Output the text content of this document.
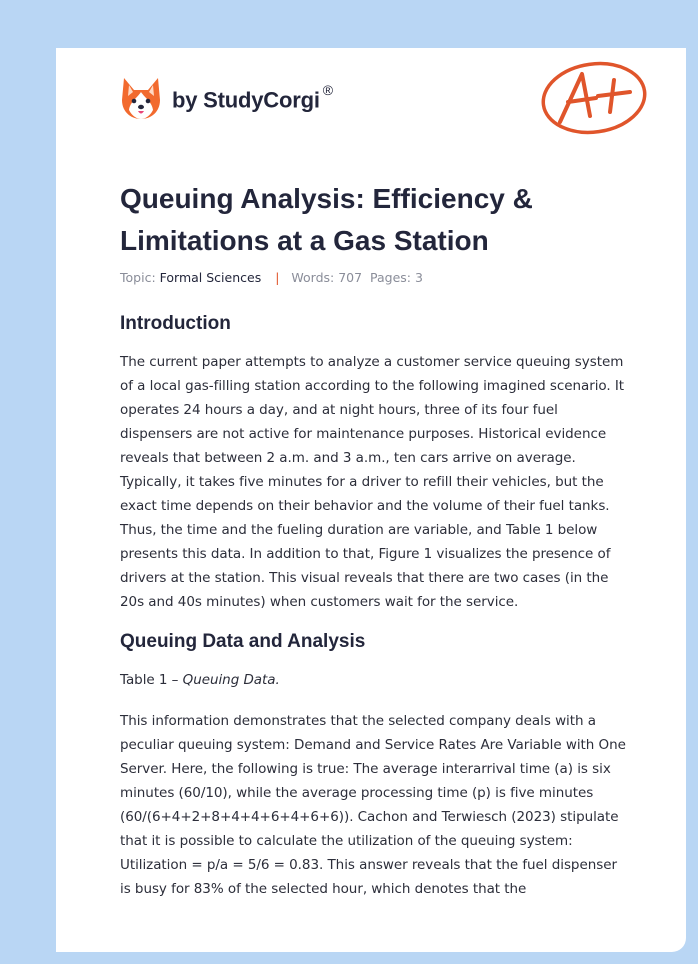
by StudyCorgi ®
Queuing Analysis: Efficiency & Limitations at a Gas Station
Topic: Formal Sciences | Words: 707 Pages: 3
Introduction

The current paper attempts to analyze a customer service queuing system of a local gas-filling station according to the following imagined scenario. It operates 24 hours a day, and at night hours, three of its four fuel dispensers are not active for maintenance purposes. Historical evidence reveals that between 2 a.m. and 3 a.m., ten cars arrive on average. Typically, it takes five minutes for a driver to refill their vehicles, but the exact time depends on their behavior and the volume of their fuel tanks. Thus, the time and the fueling duration are variable, and Table 1 below presents this data. In addition to that, Figure 1 visualizes the presence of drivers at the station. This visual reveals that there are two cases (in the 20s and 40s minutes) when customers wait for the service.

Queuing Data and Analysis

Table 1 – Queuing Data.

This information demonstrates that the selected company deals with a peculiar queuing system: Demand and Service Rates Are Variable with One Server. Here, the following is true: The average interarrival time (a) is six minutes (60/10), while the average processing time (p) is five minutes (60/(6+4+2+8+4+4+6+4+6+6)). Cachon and Terwiesch (2023) stipulate that it is possible to calculate the utilization of the queuing system: Utilization = p/a = 5/6 = 0.83. This answer reveals that the fuel dispenser is busy for 83% of the selected hour, which denotes that the
